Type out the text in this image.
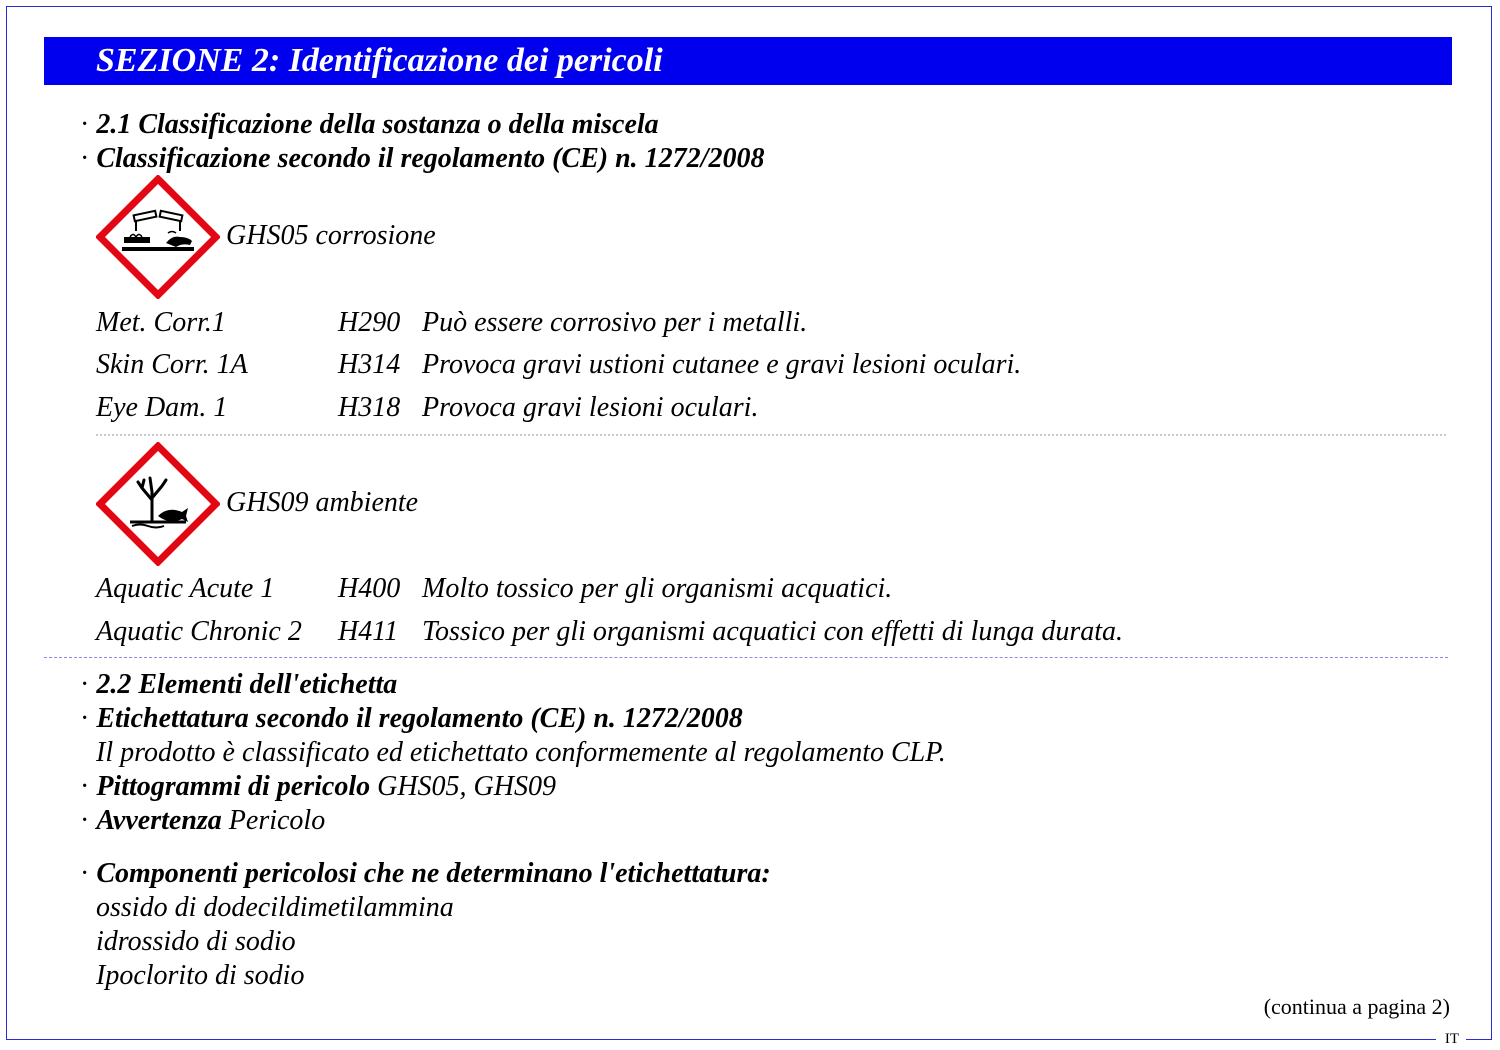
IT
SEZIONE 2: Identificazione dei pericoli
· 2.1 Classificazione della sostanza o della miscela
· Classificazione secondo il regolamento (CE) n. 1272/2008
GHS05 corrosione
Met. Corr.1	H290 Può essere corrosivo per i metalli.
Skin Corr. 1A	H314 Provoca gravi ustioni cutanee e gravi lesioni oculari.
Eye Dam. 1	H318 Provoca gravi lesioni oculari.
GHS09 ambiente
Aquatic Acute 1 H400 Molto tossico per gli organismi acquatici.
Aquatic Chronic 2 H411 Tossico per gli organismi acquatici con effetti di lunga durata.
· 2.2 Elementi dell'etichetta
· Etichettatura secondo il regolamento (CE) n. 1272/2008
Il prodotto è classificato ed etichettato conformemente al regolamento CLP.
· Pittogrammi di pericolo GHS05, GHS09
· Avvertenza Pericolo
· Componenti pericolosi che ne determinano l'etichettatura:
ossido di dodecildimetilammina
idrossido di sodio
Ipoclorito di sodio
(continua a pagina 2)
